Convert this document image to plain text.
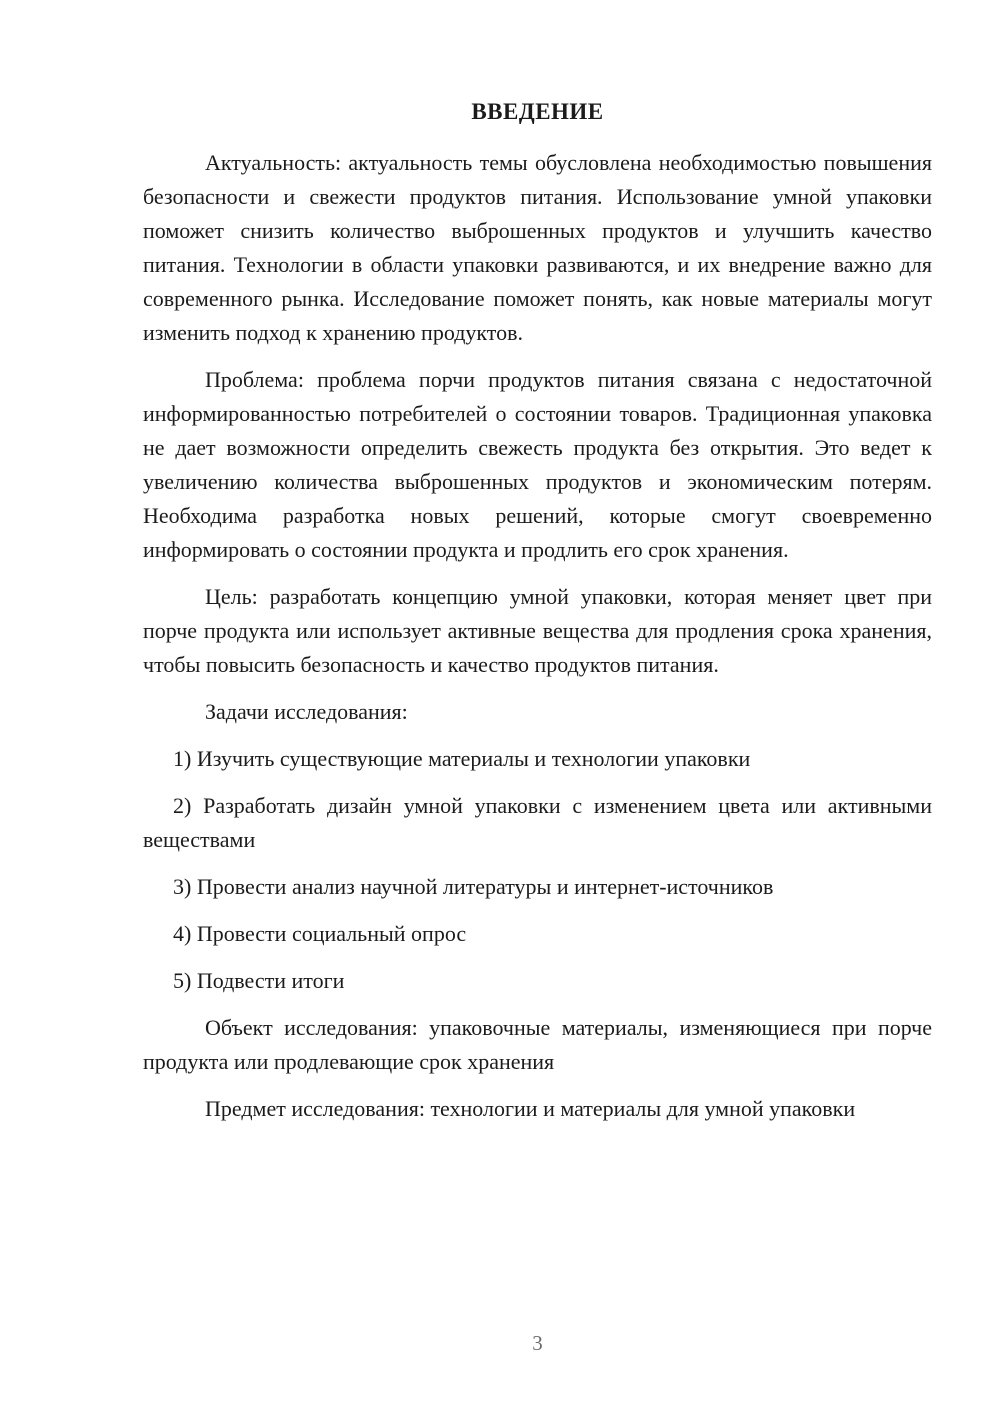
ВВЕДЕНИЕ

Актуальность: актуальность темы обусловлена необходимостью повышения безопасности и свежести продуктов питания. Использование умной упаковки поможет снизить количество выброшенных продуктов и улучшить качество питания. Технологии в области упаковки развиваются, и их внедрение важно для современного рынка. Исследование поможет понять, как новые материалы могут изменить подход к хранению продуктов.

Проблема: проблема порчи продуктов питания связана с недостаточной информированностью потребителей о состоянии товаров. Традиционная упаковка не дает возможности определить свежесть продукта без открытия. Это ведет к увеличению количества выброшенных продуктов и экономическим потерям. Необходима разработка новых решений, которые смогут своевременно информировать о состоянии продукта и продлить его срок хранения.

Цель: разработать концепцию умной упаковки, которая меняет цвет при порче продукта или использует активные вещества для продления срока хранения, чтобы повысить безопасность и качество продуктов питания.

Задачи исследования:

1) Изучить существующие материалы и технологии упаковки

2) Разработать дизайн умной упаковки с изменением цвета или активными веществами

3) Провести анализ научной литературы и интернет-источников

4) Провести социальный опрос

5) Подвести итоги

Объект исследования: упаковочные материалы, изменяющиеся при порче продукта или продлевающие срок хранения

Предмет исследования: технологии и материалы для умной упаковки

3
